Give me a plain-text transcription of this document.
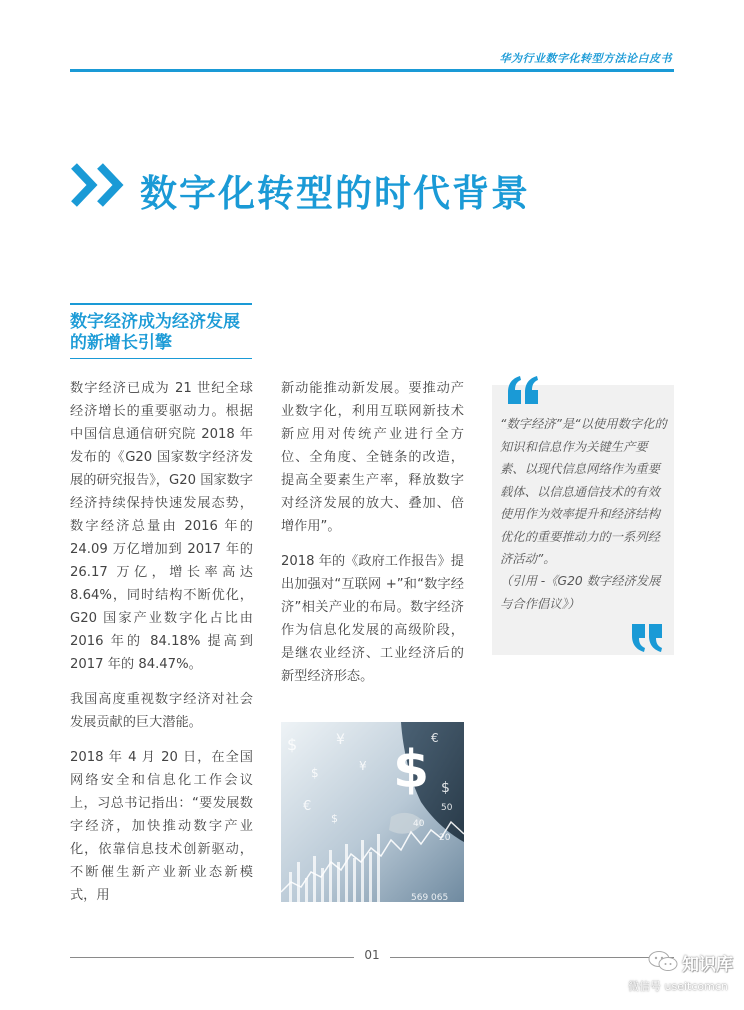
华为行业数字化转型方法论白皮书
数字化转型的时代背景
数字经济成为经济发展
的新增长引擎

数字经济已成为 21 世纪全球经济增长的重要驱动力。根据中国信息通信研究院 2018 年发布的《G20 国家数字经济发展的研究报告》，G20 国家数字经济持续保持快速发展态势，数字经济总量由 2016 年的 24.09 万亿增加到 2017 年的 26.17 万亿，增长率高达 8.64%，同时结构不断优化，G20 国家产业数字化占比由 2016 年的 84.18% 提高到 2017 年的 84.47%。

我国高度重视数字经济对社会发展贡献的巨大潜能。

2018 年 4 月 20 日，在全国网络安全和信息化工作会议上，习总书记指出：“要发展数字经济，加快推动数字产业化，依靠信息技术创新驱动，不断催生新产业新业态新模式，用

新动能推动新发展。要推动产业数字化，利用互联网新技术新应用对传统产业进行全方位、全角度、全链条的改造，提高全要素生产率，释放数字对经济发展的放大、叠加、倍增作用”。

2018 年的《政府工作报告》提出加强对“互联网 +”和“数字经济”相关产业的布局。数字经济作为信息化发展的高级阶段，是继农业经济、工业经济后的新型经济形态。

$
$
¥
€
¥
$
€
$
$
50
40
20
569 065
“数字经济”是“以使用数字化的知识和信息作为关键生产要素、以现代信息网络作为重要载体、以信息通信技术的有效使用作为效率提升和经济结构优化的重要推动力的一系列经济活动”。
（引用 -《G20 数字经济发展与合作倡议》）
01	知识库
微信号 useitcomcn
